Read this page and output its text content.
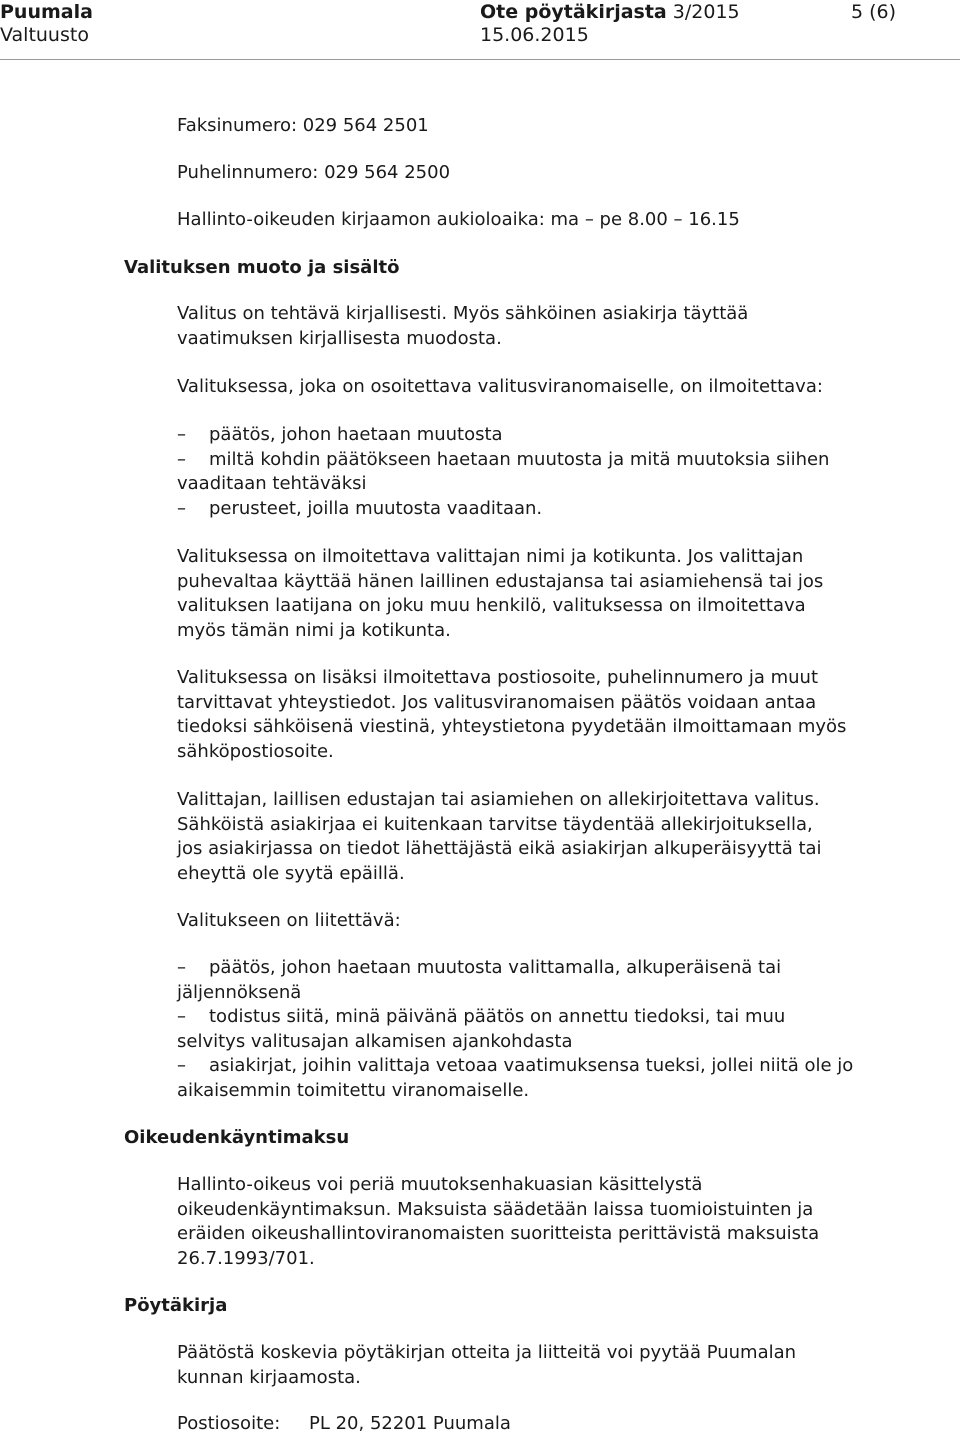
Puumala
Valtuusto
Ote pöytäkirjasta 3/2015
15.06.2015
5 (6)

Faksinumero: 029 564 2501

Puhelinnumero: 029 564 2500

Hallinto-oikeuden kirjaamon aukioloaika: ma – pe 8.00 – 16.15

Valituksen muoto ja sisältö

Valitus on tehtävä kirjallisesti. Myös sähköinen asiakirja täyttää
vaatimuksen kirjallisesta muodosta.

Valituksessa, joka on osoitettava valitusviranomaiselle, on ilmoitettava:

– päätös, johon haetaan muutosta
– miltä kohdin päätökseen haetaan muutosta ja mitä muutoksia siihen
vaaditaan tehtäväksi
– perusteet, joilla muutosta vaaditaan.

Valituksessa on ilmoitettava valittajan nimi ja kotikunta. Jos valittajan
puhevaltaa käyttää hänen laillinen edustajansa tai asiamiehensä tai jos
valituksen laatijana on joku muu henkilö, valituksessa on ilmoitettava
myös tämän nimi ja kotikunta.

Valituksessa on lisäksi ilmoitettava postiosoite, puhelinnumero ja muut
tarvittavat yhteystiedot. Jos valitusviranomaisen päätös voidaan antaa
tiedoksi sähköisenä viestinä, yhteystietona pyydetään ilmoittamaan myös
sähköpostiosoite.

Valittajan, laillisen edustajan tai asiamiehen on allekirjoitettava valitus.
Sähköistä asiakirjaa ei kuitenkaan tarvitse täydentää allekirjoituksella,
jos asiakirjassa on tiedot lähettäjästä eikä asiakirjan alkuperäisyyttä tai
eheyttä ole syytä epäillä.

Valitukseen on liitettävä:

– päätös, johon haetaan muutosta valittamalla, alkuperäisenä tai
jäljennöksenä
– todistus siitä, minä päivänä päätös on annettu tiedoksi, tai muu
selvitys valitusajan alkamisen ajankohdasta
– asiakirjat, joihin valittaja vetoaa vaatimuksensa tueksi, jollei niitä ole jo
aikaisemmin toimitettu viranomaiselle.
Oikeudenkäyntimaksu

Hallinto-oikeus voi periä muutoksenhakuasian käsittelystä
oikeudenkäyntimaksun. Maksuista säädetään laissa tuomioistuinten ja
eräiden oikeushallintoviranomaisten suoritteista perittävistä maksuista
26.7.1993/701.

Pöytäkirja

Päätöstä koskevia pöytäkirjan otteita ja liitteitä voi pyytää Puumalan
kunnan kirjaamosta.

Postiosoite: PL 20, 52201 Puumala
